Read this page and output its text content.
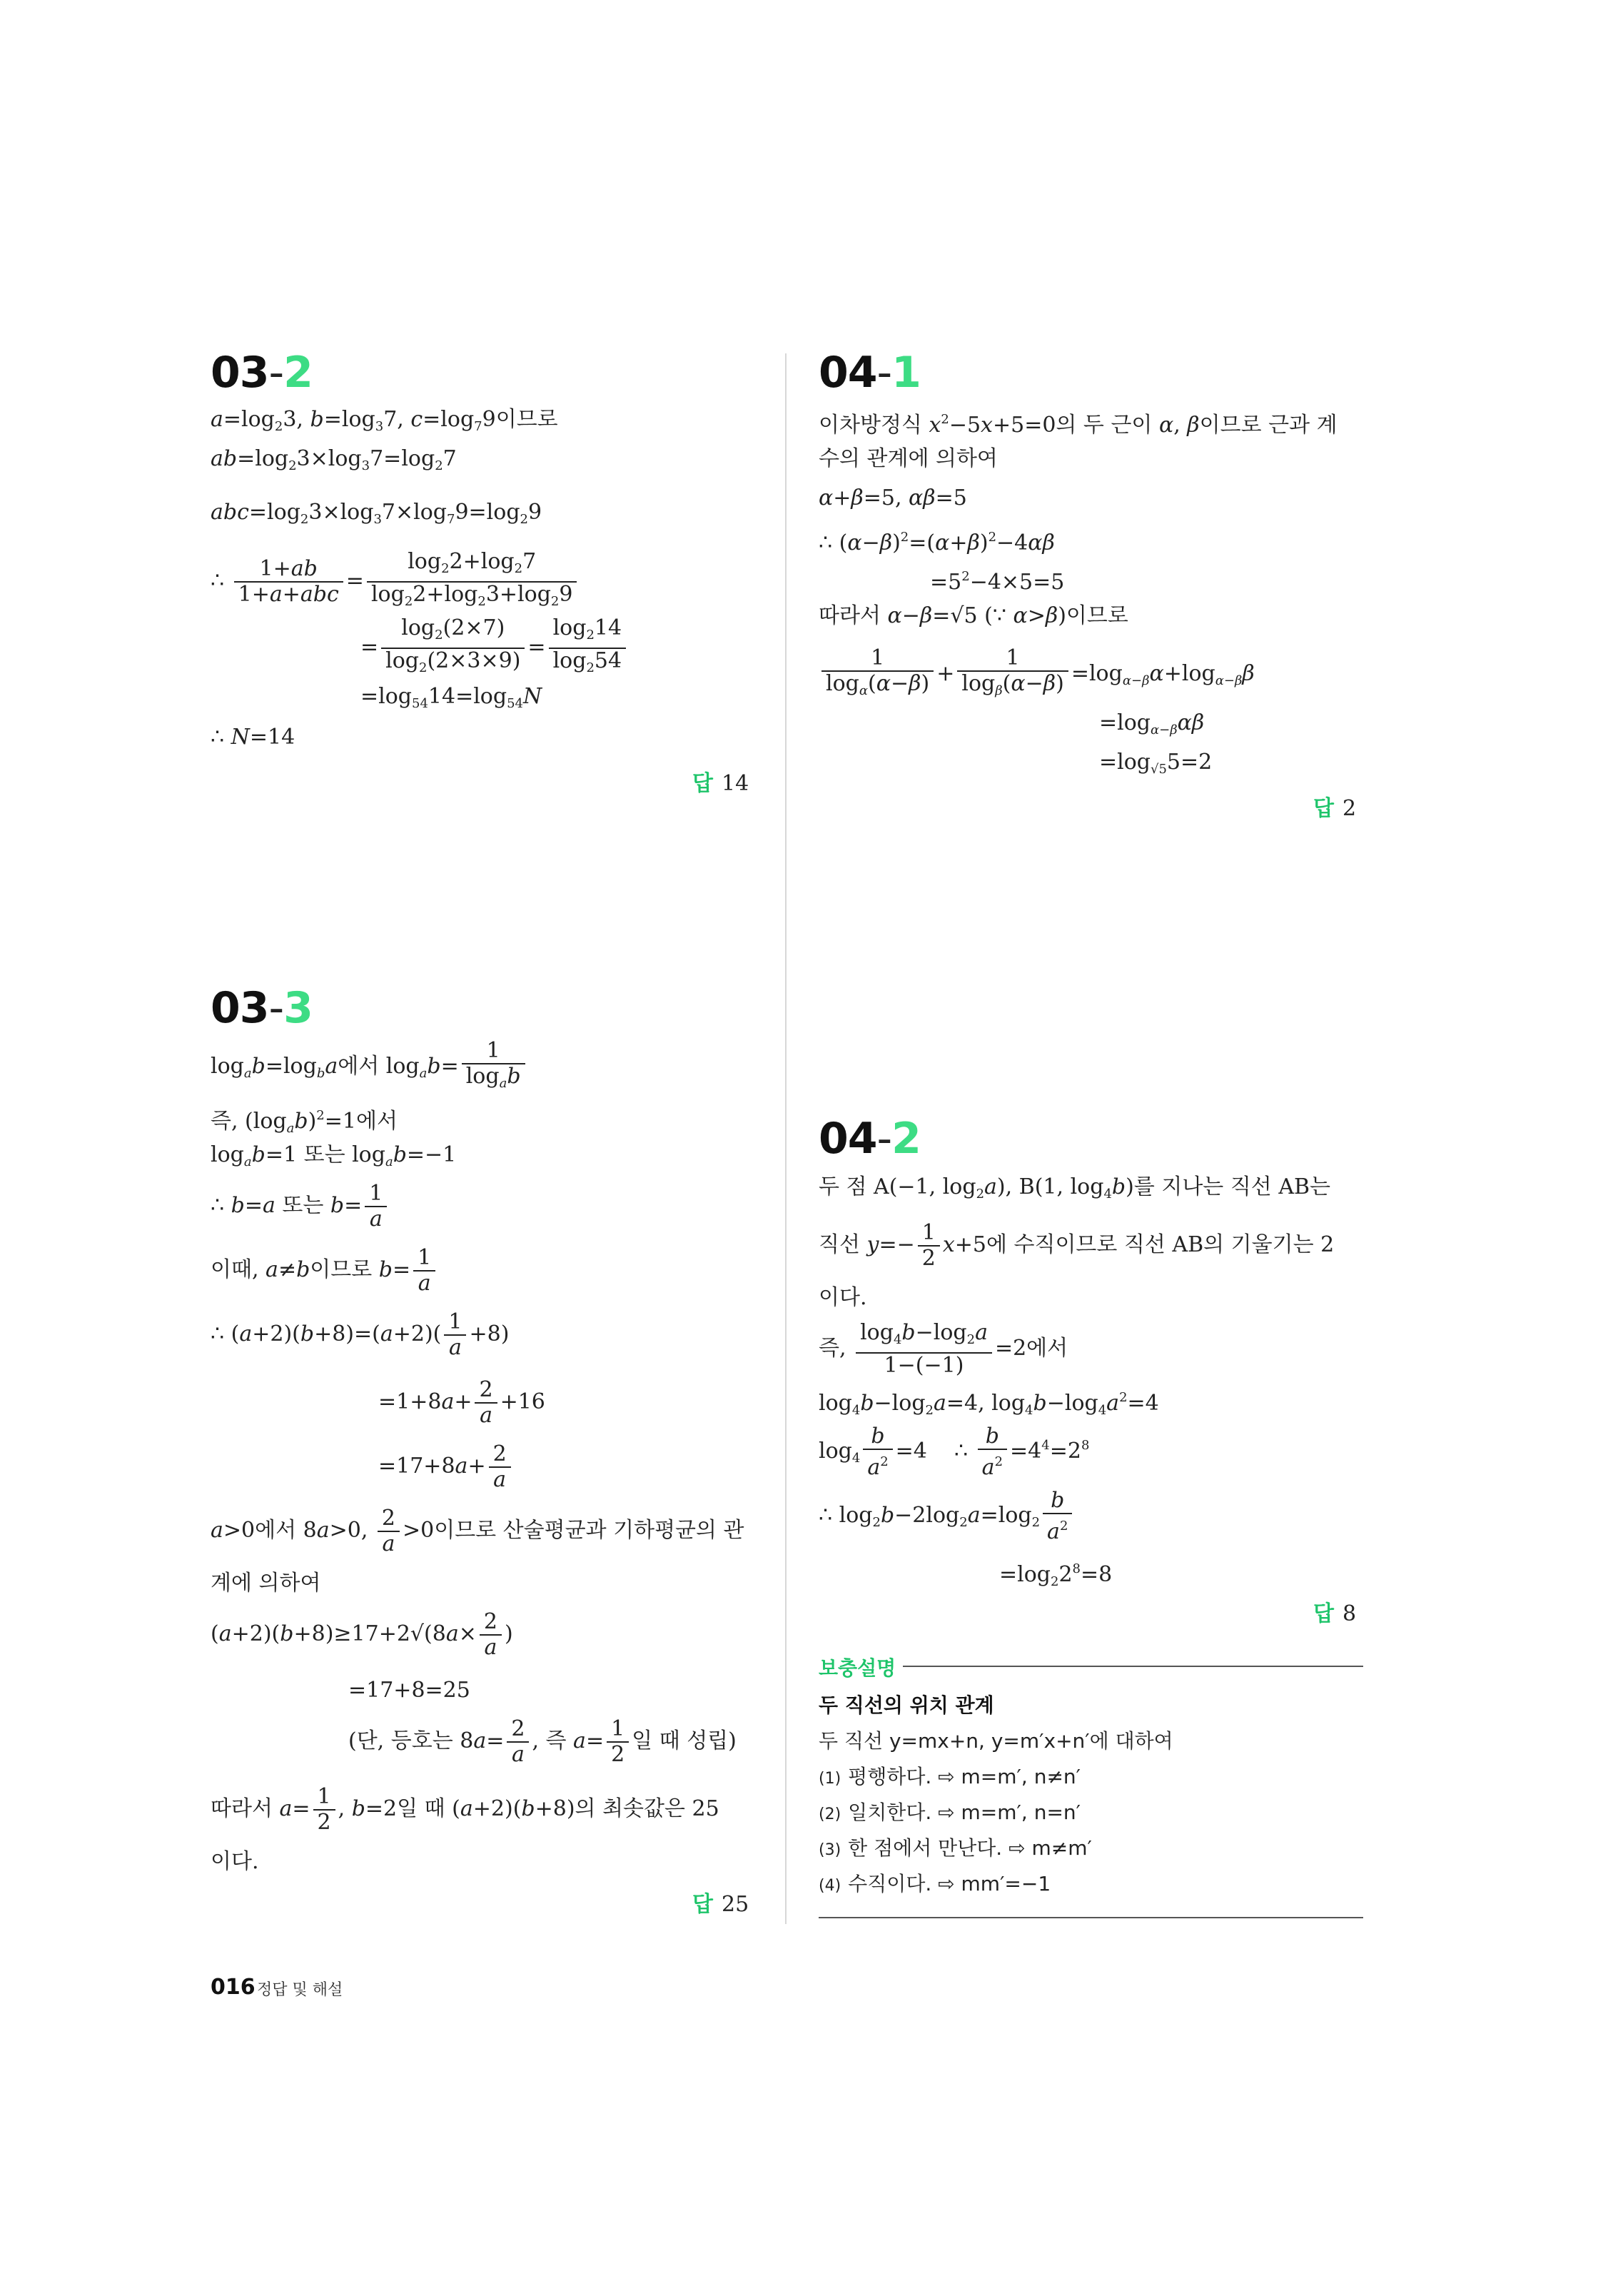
03-2
$a=\log_23$, $b=\log_37$, $c=\log_79$이므로
$ab=\log_23\times\log_37=\log_27$
$abc=\log_23\times\log_37\times\log_79=\log_29$
∴ $\frac{1+ab}{\text{1+a+abc}} = \frac{\log_22+\log_27}{\log_22+\log_23+\log_29}$
= $\frac{\log_2(2\times 7)}{\log_2(2\times 3\times 9)} = \frac{\log_214}{\log_254}$
$=\log_{54}14=\log_{54}N$
∴ N=14
답 14
04-1
이차방정식 $x^2-5x+5=0$의 두 근이 α, β이므로 근과 계
수의 관계에 의하여
α+β=5, αβ=5
∴ $(\alpha-\beta)^2=(\alpha+\beta)^2-4\alpha\beta$
$=5^2-4\times 5=5$
따라서 α−β=√5 (∵ α>β)이므로
$\frac{1}{\log_\alpha(\alpha-\beta)} + \frac{1}{\log_\beta(\alpha-\beta)} =\log_{\alpha-\beta}\alpha+\log_{\alpha-\beta}\beta$
$=\log_{\alpha-\beta}\alpha\beta$
$=\log_{√5}5=2$
답 2
03-3
$\log_ab=\log_ba$에서 $\log_ab= \frac{1}{\log_ab}$
즉, $(\log_ab)^2=1$에서
$\log_ab=1$ 또는 $\log_ab=-1$
∴ b=a 또는 $b= \frac{1}{a}$
이때, a≠b이므로 $b= \frac{1}{a}$
∴ $(a+2)(b+8)=(a+2)( \frac{1}{a} +8)$
$=1+8a+ \frac{2}{a} +16$
$=17+8a+ \frac{2}{a}$
a>0에서 8a>0, $\frac{2}{a} >0$이므로 산술평균과 기하평균의 관
계에 의하여
$(a+2)(b+8)\ge 17+2√(8a\times \frac{2}{a}$ )
=17+8=25
(단, 등호는 $8a= \frac{2}{a}$ , 즉 $a= \frac{1}{2}$ 일 때 성립)
따라서 $a= \frac{1}{2}$ , b=2일 때 (a+2)(b+8)의 최솟값은 25
이다.
답 25
04-2
두 점 A(−1, $\log_2a$), B(1, $\log_4b$)를 지나는 직선 AB는
직선 $y=- \frac{1}{2} x+5$에 수직이므로 직선 AB의 기울기는 2
이다.
즉, $\frac{\log_4b-\log_2a}{1-(-1)} =2$에서
$\log_4b-\log_2a=4$, $\log_4b-\log_4a^2=4$
$\log_4 \frac{b}{a^2} =4$    ∴ $\frac{b}{a^2} =4^4=2^8$
∴ $\log_2b-2\log_2a=\log_2 \frac{b}{a^2}$
$=\log_22^8=8$
답 8
보충설명
두 직선의 위치 관계
두 직선 y=mx+n, y=m′x+n′에 대하여
(1) 평행하다. ⇨ m=m′, n≠n′
(2) 일치한다. ⇨ m=m′, n=n′
(3) 한 점에서 만난다. ⇨ m≠m′
(4) 수직이다. ⇨ mm′=−1
016 정답 및 해설
